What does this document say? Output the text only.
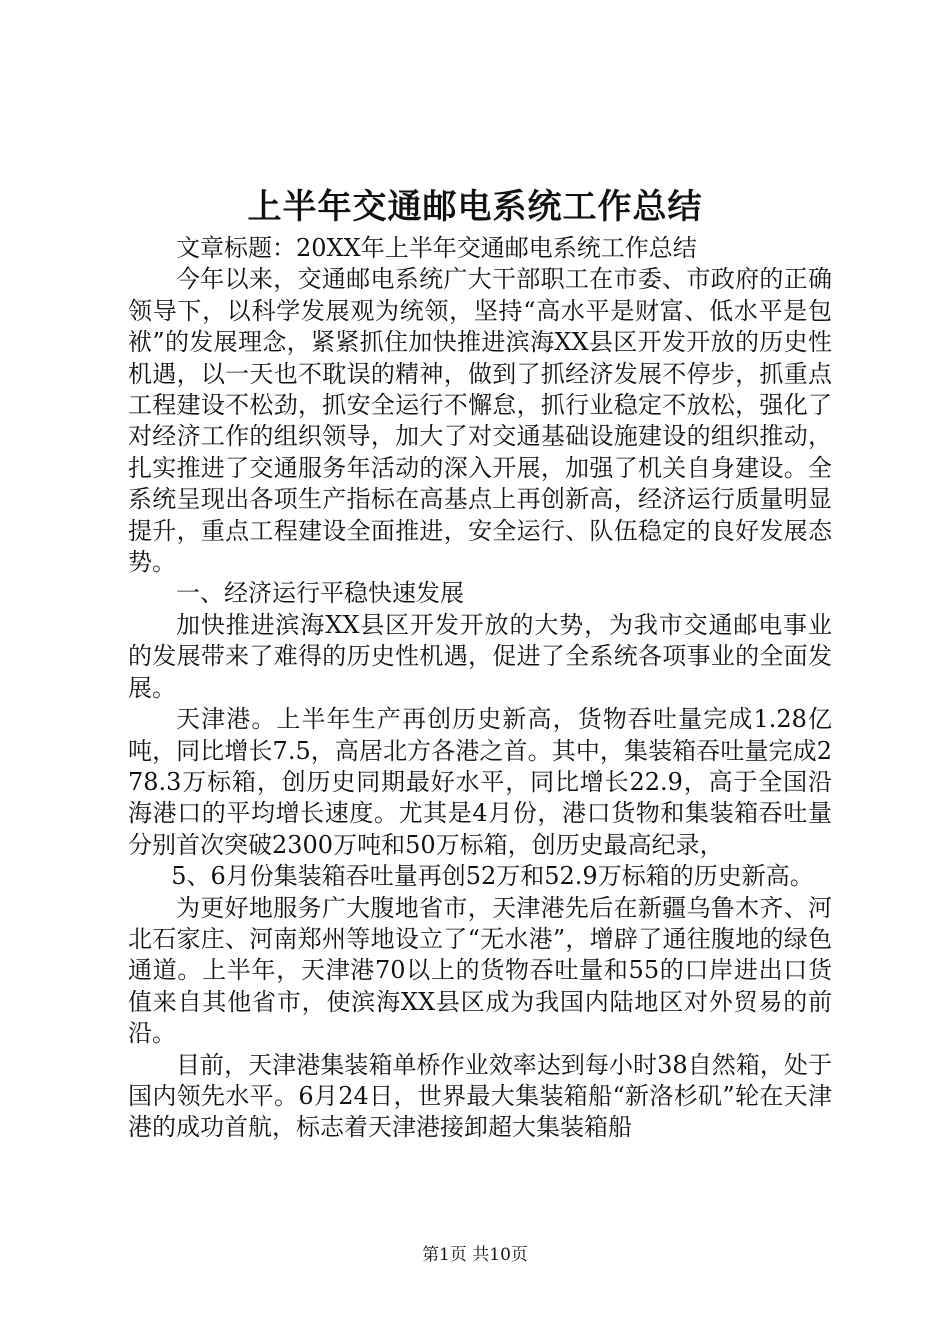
上半年交通邮电系统工作总结

文章标题：20XX年上半年交通邮电系统工作总结

今年以来，交通邮电系统广大干部职工在市委、市政府的正确领导下，以科学发展观为统领，坚持“高水平是财富、低水平是包袱”的发展理念，紧紧抓住加快推进滨海XX县区开发开放的历史性机遇，以一天也不耽误的精神，做到了抓经济发展不停步，抓重点工程建设不松劲，抓安全运行不懈怠，抓行业稳定不放松，强化了对经济工作的组织领导，加大了对交通基础设施建设的组织推动，扎实推进了交通服务年活动的深入开展，加强了机关自身建设。全系统呈现出各项生产指标在高基点上再创新高，经济运行质量明显提升，重点工程建设全面推进，安全运行、队伍稳定的良好发展态势。

一、经济运行平稳快速发展

加快推进滨海XX县区开发开放的大势，为我市交通邮电事业的发展带来了难得的历史性机遇，促进了全系统各项事业的全面发展。

天津港。上半年生产再创历史新高，货物吞吐量完成1.28亿吨，同比增长7.5，高居北方各港之首。其中，集装箱吞吐量完成278.3万标箱，创历史同期最好水平，同比增长22.9，高于全国沿海港口的平均增长速度。尤其是4月份，港口货物和集装箱吞吐量分别首次突破2300万吨和50万标箱，创历史最高纪录，

5、6月份集装箱吞吐量再创52万和52.9万标箱的历史新高。

为更好地服务广大腹地省市，天津港先后在新疆乌鲁木齐、河北石家庄、河南郑州等地设立了“无水港”，增辟了通往腹地的绿色通道。上半年，天津港70以上的货物吞吐量和55的口岸进出口货值来自其他省市，使滨海XX县区成为我国内陆地区对外贸易的前沿。

目前，天津港集装箱单桥作业效率达到每小时38自然箱，处于国内领先水平。6月24日，世界最大集装箱船“新洛杉矶”轮在天津港的成功首航，标志着天津港接卸超大集装箱船

第1页 共10页
